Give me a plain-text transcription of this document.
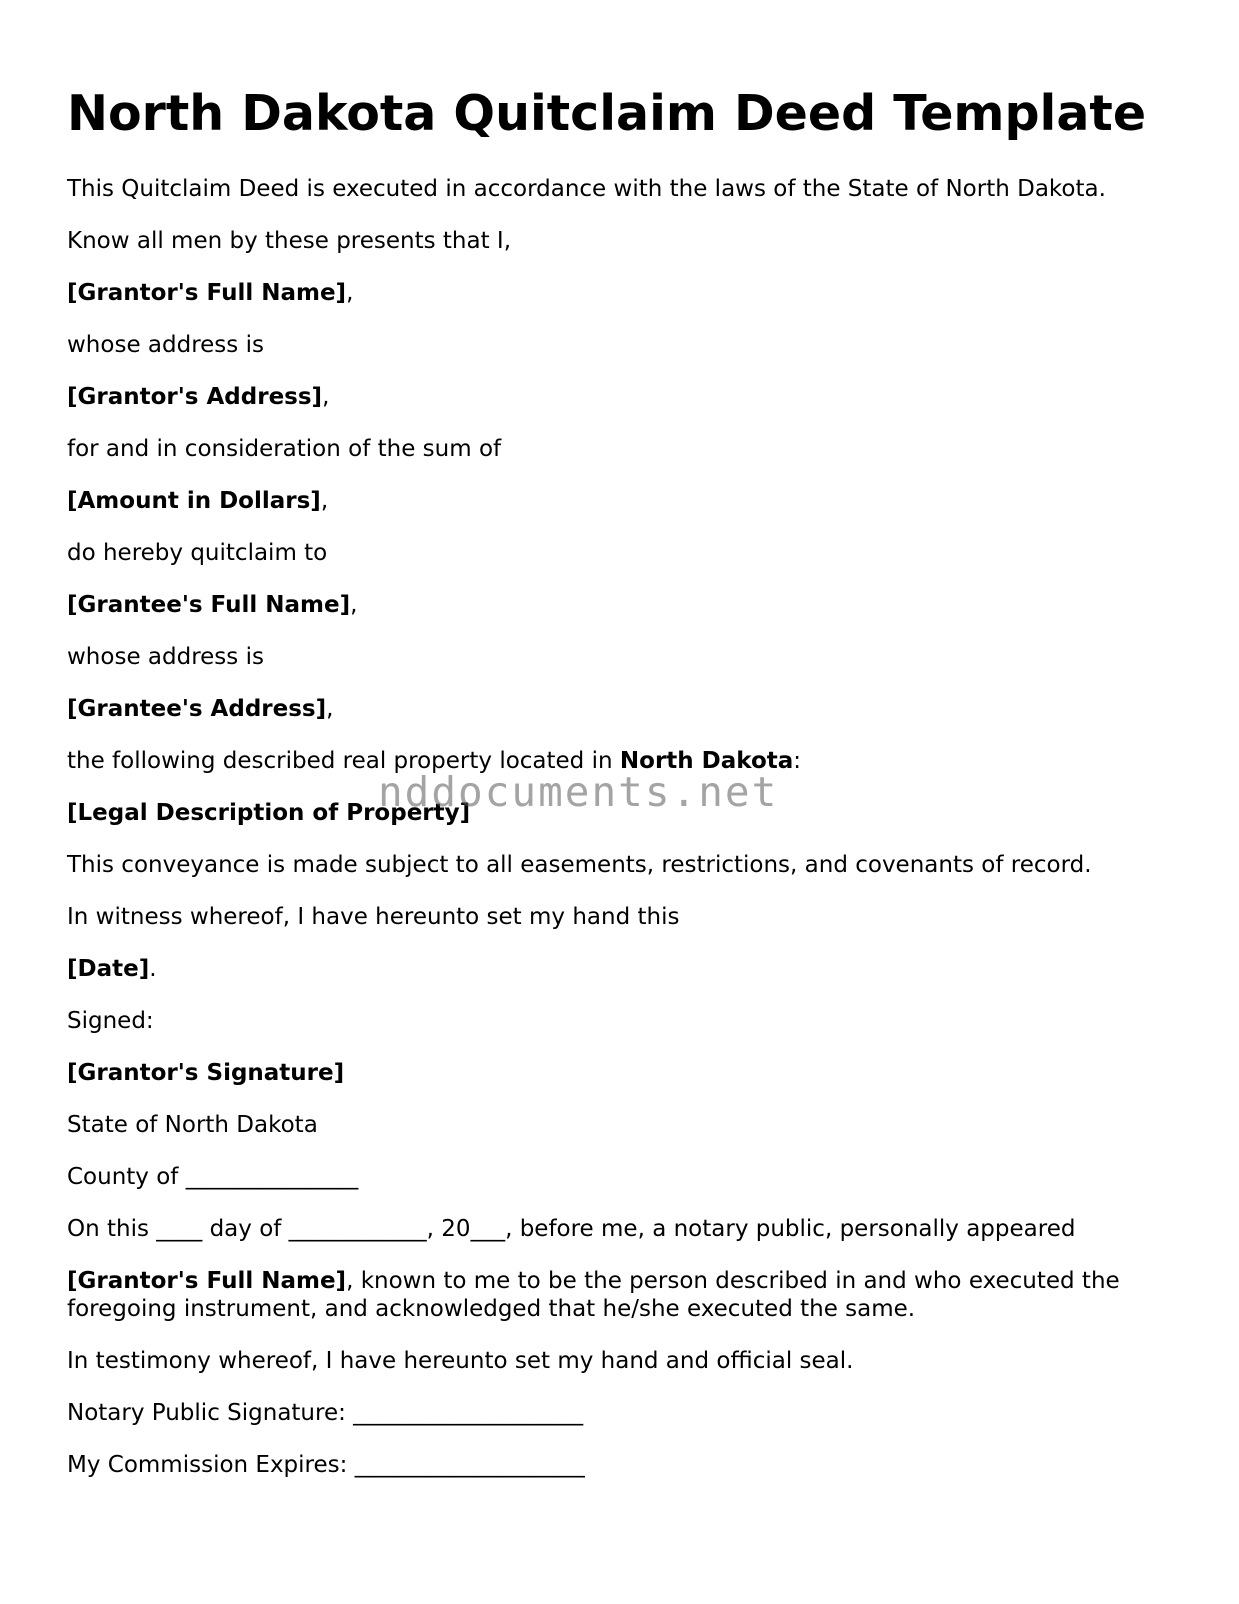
North Dakota Quitclaim Deed Template

This Quitclaim Deed is executed in accordance with the laws of the State of North Dakota.

Know all men by these presents that I,

[Grantor's Full Name],

whose address is

[Grantor's Address],

for and in consideration of the sum of

[Amount in Dollars],

do hereby quitclaim to

[Grantee's Full Name],

whose address is

[Grantee's Address],

the following described real property located in North Dakota:

[Legal Description of Property]

This conveyance is made subject to all easements, restrictions, and covenants of record.

In witness whereof, I have hereunto set my hand this

[Date].

Signed:

[Grantor's Signature]

State of North Dakota

County of _______________

On this ____ day of ____________, 20___, before me, a notary public, personally appeared

[Grantor's Full Name], known to me to be the person described in and who executed the foregoing instrument, and acknowledged that he/she executed the same.

In testimony whereof, I have hereunto set my hand and official seal.

Notary Public Signature: ____________________

My Commission Expires: ____________________

nddocuments.net
